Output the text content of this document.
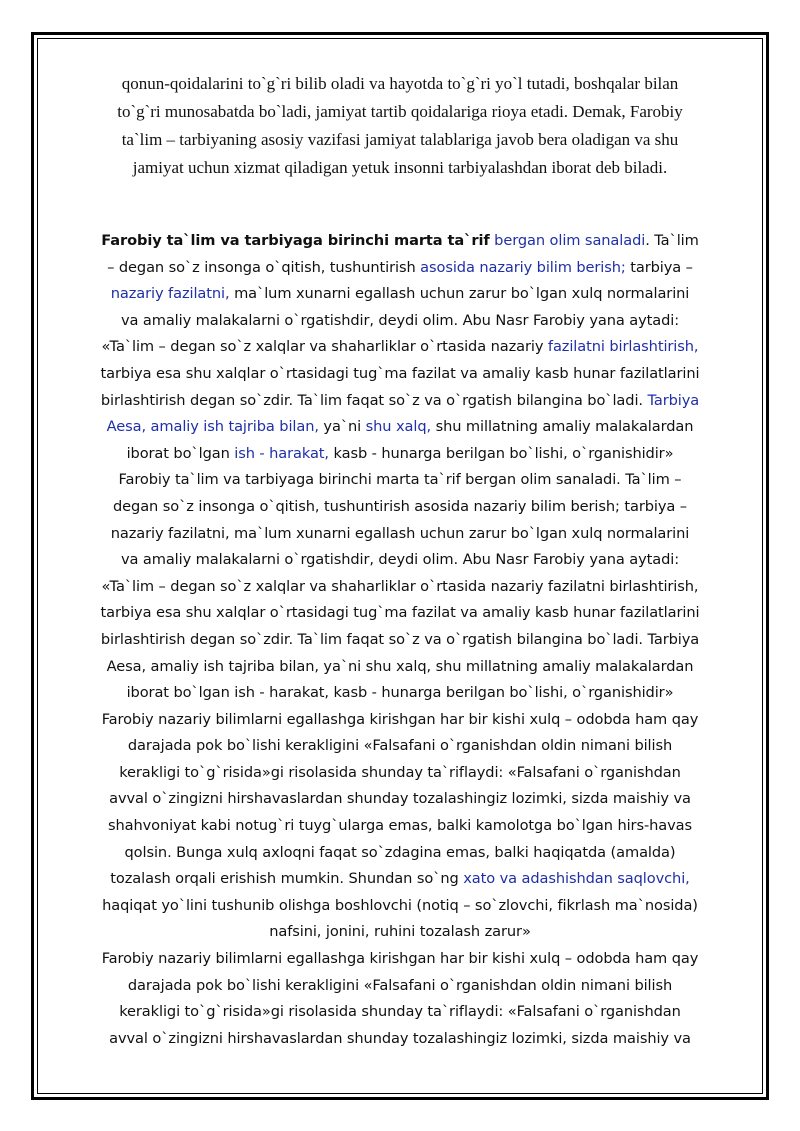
qonun-qoidalarini to`g`ri bilib oladi va hayotda to`g`ri yo`l tutadi, boshqalar bilan to`g`ri munosabatda bo`ladi, jamiyat tartib qoidalariga rioya etadi. Demak, Farobiy ta`lim – tarbiyaning asosiy vazifasi jamiyat talablariga javob bera oladigan va shu jamiyat uchun xizmat qiladigan yetuk insonni tarbiyalashdan iborat deb biladi.

Farobiy ta`lim va tarbiyaga birinchi marta ta`rif bergan olim sanaladi. Ta`lim – degan so`z insonga o`qitish, tushuntirish asosida nazariy bilim berish; tarbiya – nazariy fazilatni, ma`lum xunarni egallash uchun zarur bo`lgan xulq normalarini va amaliy malakalarni o`rgatishdir, deydi olim. Abu Nasr Farobiy yana aytadi: «Ta`lim – degan so`z xalqlar va shaharliklar o`rtasida nazariy fazilatni birlashtirish, tarbiya esa shu xalqlar o`rtasidagi tug`ma fazilat va amaliy kasb hunar fazilatlarini birlashtirish degan so`zdir. Ta`lim faqat so`z va o`rgatish bilangina bo`ladi. Tarbiya Aesa, amaliy ish tajriba bilan, ya`ni shu xalq, shu millatning amaliy malakalardan iborat bo`lgan ish - harakat, kasb - hunarga berilgan bo`lishi, o`rganishidir»

Farobiy ta`lim va tarbiyaga birinchi marta ta`rif bergan olim sanaladi. Ta`lim – degan so`z insonga o`qitish, tushuntirish asosida nazariy bilim berish; tarbiya – nazariy fazilatni, ma`lum xunarni egallash uchun zarur bo`lgan xulq normalarini va amaliy malakalarni o`rgatishdir, deydi olim. Abu Nasr Farobiy yana aytadi: «Ta`lim – degan so`z xalqlar va shaharliklar o`rtasida nazariy fazilatni birlashtirish, tarbiya esa shu xalqlar o`rtasidagi tug`ma fazilat va amaliy kasb hunar fazilatlarini birlashtirish degan so`zdir. Ta`lim faqat so`z va o`rgatish bilangina bo`ladi. Tarbiya Aesa, amaliy ish tajriba bilan, ya`ni shu xalq, shu millatning amaliy malakalardan iborat bo`lgan ish - harakat, kasb - hunarga berilgan bo`lishi, o`rganishidir»

Farobiy nazariy bilimlarni egallashga kirishgan har bir kishi xulq – odobda ham qay darajada pok bo`lishi kerakligini «Falsafani o`rganishdan oldin nimani bilish kerakligi to`g`risida»gi risolasida shunday ta`riflaydi: «Falsafani o`rganishdan avval o`zingizni hirshavaslardan shunday tozalashingiz lozimki, sizda maishiy va shahvoniyat kabi notug`ri tuyg`ularga emas, balki kamolotga bo`lgan hirs-havas qolsin. Bunga xulq axloqni faqat so`zdagina emas, balki haqiqatda (amalda) tozalash orqali erishish mumkin. Shundan so`ng xato va adashishdan saqlovchi, haqiqat yo`lini tushunib olishga boshlovchi (notiq – so`zlovchi, fikrlash ma`nosida) nafsini, jonini, ruhini tozalash zarur»

Farobiy nazariy bilimlarni egallashga kirishgan har bir kishi xulq – odobda ham qay darajada pok bo`lishi kerakligini «Falsafani o`rganishdan oldin nimani bilish kerakligi to`g`risida»gi risolasida shunday ta`riflaydi: «Falsafani o`rganishdan avval o`zingizni hirshavaslardan shunday tozalashingiz lozimki, sizda maishiy va
